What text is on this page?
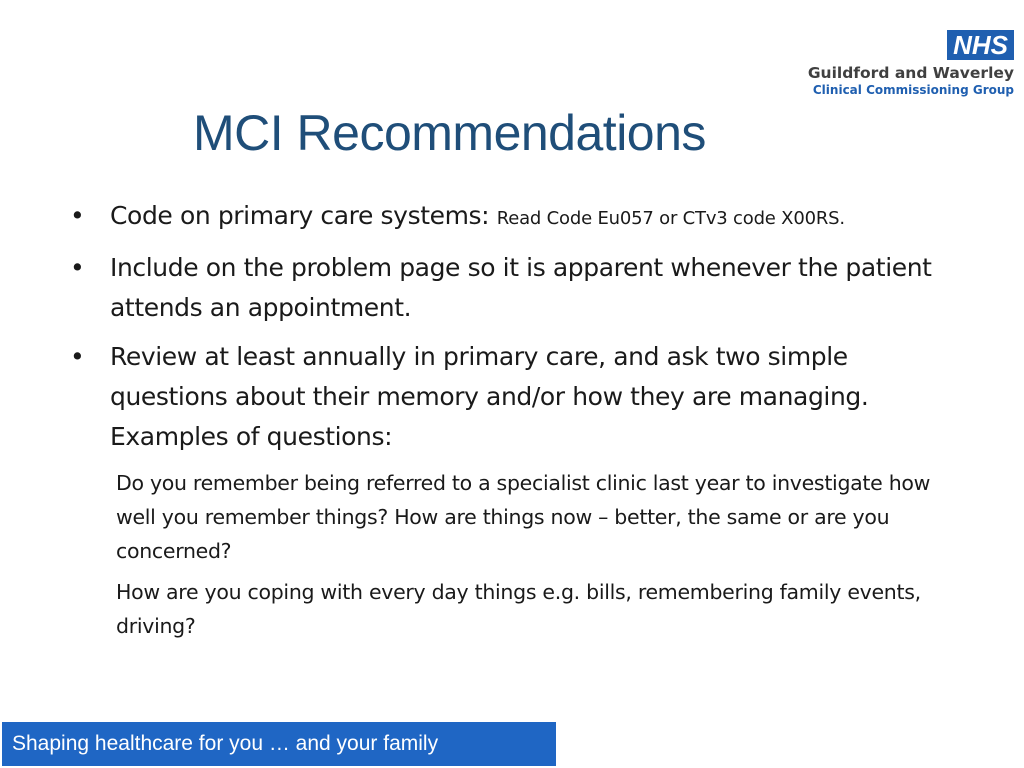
NHS
Guildford and Waverley
Clinical Commissioning Group
MCI Recommendations
• Code on primary care systems: Read Code Eu057 or CTv3 code X00RS.
• Include on the problem page so it is apparent whenever the patient attends an appointment.
• Review at least annually in primary care, and ask two simple questions about their memory and/or how they are managing. Examples of questions:
Do you remember being referred to a specialist clinic last year to investigate how well you remember things? How are things now – better, the same or are you concerned?
How are you coping with every day things e.g. bills, remembering family events, driving?
Shaping healthcare for you … and your family
